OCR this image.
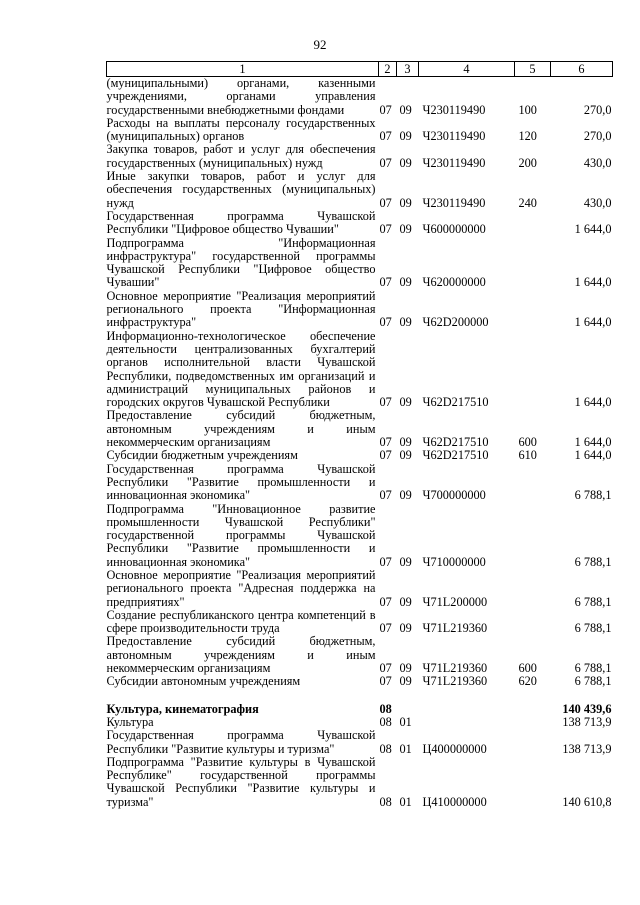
92
1	2	3	4	5	6
(муниципальными) органами, казенными учреждениями, органами управления государственными внебюджетными фондами	07	09	Ч230119490	100	270,0
Расходы на выплаты персоналу государственных (муниципальных) органов	07	09	Ч230119490	120	270,0
Закупка товаров, работ и услуг для обеспечения государственных (муниципальных) нужд	07	09	Ч230119490	200	430,0
Иные закупки товаров, работ и услуг для обеспечения государственных (муниципальных) нужд	07	09	Ч230119490	240	430,0
Государственная программа Чувашской Республики "Цифровое общество Чувашии"	07	09	Ч600000000		1 644,0
Подпрограмма "Информационная инфраструктура" государственной программы Чувашской Республики "Цифровое общество Чувашии"	07	09	Ч620000000		1 644,0
Основное мероприятие "Реализация мероприятий регионального проекта "Информационная инфраструктура"	07	09	Ч62D200000		1 644,0
Информационно-технологическое обеспечение деятельности централизованных бухгалтерий органов исполнительной власти Чувашской Республики, подведомственных им организаций и администраций муниципальных районов и городских округов Чувашской Республики	07	09	Ч62D217510		1 644,0
Предоставление субсидий бюджетным, автономным учреждениям и иным некоммерческим организациям	07	09	Ч62D217510	600	1 644,0
Субсидии бюджетным учреждениям	07	09	Ч62D217510	610	1 644,0
Государственная программа Чувашской Республики "Развитие промышленности и инновационная экономика"	07	09	Ч700000000		6 788,1
Подпрограмма "Инновационное развитие промышленности Чувашской Республики" государственной программы Чувашской Республики "Развитие промышленности и инновационная экономика"	07	09	Ч710000000		6 788,1
Основное мероприятие "Реализация мероприятий регионального проекта "Адресная поддержка на предприятиях"	07	09	Ч71L200000		6 788,1
Создание республиканского центра компетенций в сфере производительности труда	07	09	Ч71L219360		6 788,1
Предоставление субсидий бюджетным, автономным учреждениям и иным некоммерческим организациям	07	09	Ч71L219360	600	6 788,1
Субсидии автономным учреждениям	07	09	Ч71L219360	620	6 788,1

Культура, кинематография	08				140 439,6
Культура	08	01			138 713,9
Государственная программа Чувашской Республики "Развитие культуры и туризма"	08	01	Ц400000000		138 713,9
Подпрограмма "Развитие культуры в Чувашской Республике" государственной программы Чувашской Республики "Развитие культуры и туризма"	08	01	Ц410000000		140 610,8
